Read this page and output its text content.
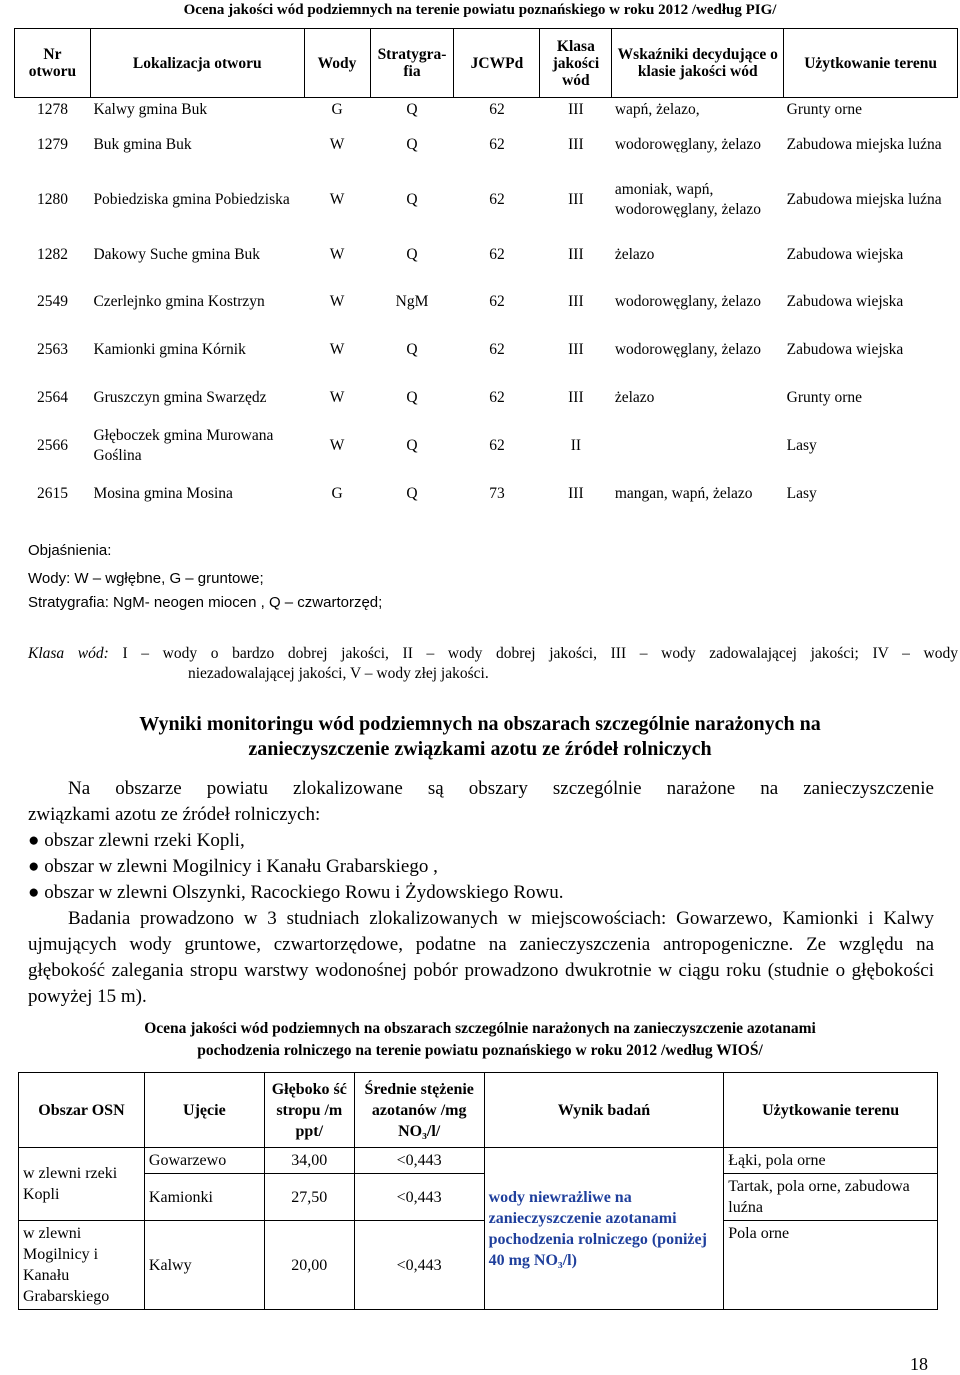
Ocena jakości wód podziemnych na terenie powiatu poznańskiego w roku 2012 /według PIG/
Nr otworu	Lokalizacja otworu	Wody	Stratygra-fia	JCWPd	Klasa jakości wód	Wskaźniki decydujące o klasie jakości wód	Użytkowanie terenu
1278	Kalwy gmina Buk	G	Q	62	III	wapń, żelazo,	Grunty orne
1279	Buk gmina Buk	W	Q	62	III	wodorowęglany, żelazo	Zabudowa miejska luźna
1280	Pobiedziska gmina Pobiedziska	W	Q	62	III	amoniak, wapń, wodorowęglany, żelazo	Zabudowa miejska luźna
1282	Dakowy Suche gmina Buk	W	Q	62	III	żelazo	Zabudowa wiejska
2549	Czerlejnko gmina Kostrzyn	W	NgM	62	III	wodorowęglany, żelazo	Zabudowa wiejska
2563	Kamionki gmina Kórnik	W	Q	62	III	wodorowęglany, żelazo	Zabudowa wiejska
2564	Gruszczyn gmina Swarzędz	W	Q	62	III	żelazo	Grunty orne
2566	Głęboczek gmina Murowana Goślina	W	Q	62	II		Lasy
2615	Mosina gmina Mosina	G	Q	73	III	mangan, wapń, żelazo	Lasy
Objaśnienia:
Wody: W – wgłębne, G – gruntowe;
Stratygrafia: NgM- neogen miocen , Q – czwartorzęd;
Klasa wód: I – wody o bardzo dobrej jakości, II – wody dobrej jakości, III – wody zadowalającej jakości; IV – wody
niezadowalającej jakości, V – wody złej jakości.
Wyniki monitoringu wód podziemnych na obszarach szczególnie narażonych na
zanieczyszczenie związkami azotu ze źródeł rolniczych
Na obszarze powiatu zlokalizowane są obszary szczególnie narażone na zanieczyszczenie
związkami azotu ze źródeł rolniczych:
● obszar zlewni rzeki Kopli,
● obszar w zlewni Mogilnicy i Kanału Grabarskiego ,
● obszar w zlewni Olszynki, Racockiego Rowu i Żydowskiego Rowu.
Badania prowadzono w 3 studniach zlokalizowanych w miejscowościach: Gowarzewo, Kamionki i Kalwy ujmujących wody gruntowe, czwartorzędowe, podatne na zanieczyszczenia antropogeniczne. Ze względu na głębokość zalegania stropu warstwy wodonośnej pobór prowadzono dwukrotnie w ciągu roku (studnie o głębokości powyżej 15 m).
Ocena jakości wód podziemnych na obszarach szczególnie narażonych na zanieczyszczenie azotanami
pochodzenia rolniczego na terenie powiatu poznańskiego w roku 2012 /według WIOŚ/
Obszar OSN	Ujęcie	Głęboko ść stropu /m ppt/	Średnie stężenie azotanów /mg NO₃/l/	Wynik badań	Użytkowanie terenu
w zlewni rzeki Kopli	Gowarzewo	34,00	<0,443	wody niewrażliwe na zanieczyszczenie azotanami pochodzenia rolniczego (poniżej 40 mg NO₃/l)	Łąki, pola orne
	Kamionki	27,50	<0,443		Tartak, pola orne, zabudowa luźna
w zlewni Mogilnicy i Kanału Grabarskiego	Kalwy	20,00	<0,443		Pola orne
18
